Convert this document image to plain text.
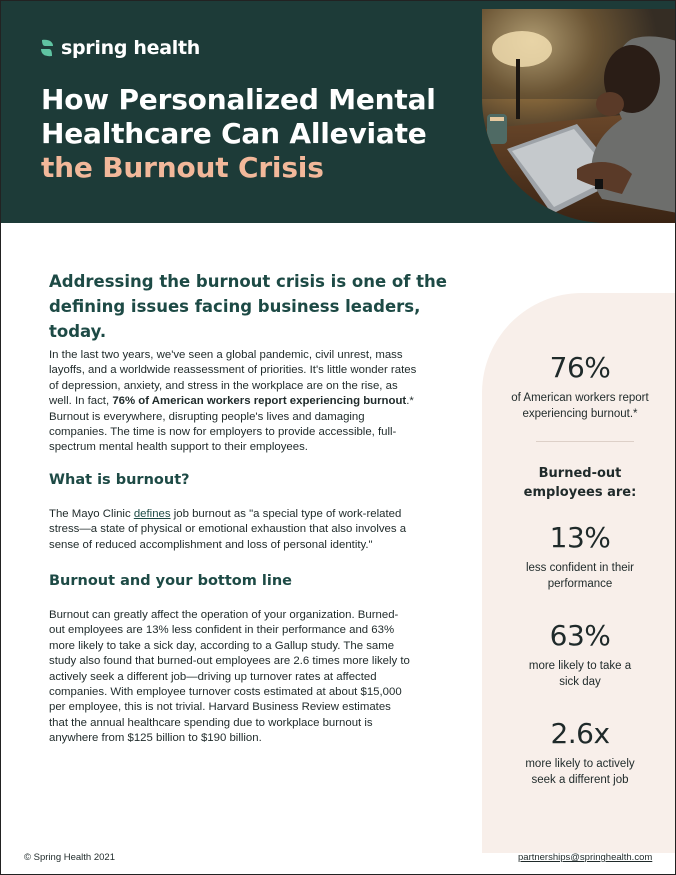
spring health
How Personalized Mental
Healthcare Can Alleviate
the Burnout Crisis
Addressing the burnout crisis is one of the
defining issues facing business leaders, today.

In the last two years, we've seen a global pandemic, civil unrest, mass layoffs, and a worldwide reassessment of priorities. It's little wonder rates of depression, anxiety, and stress in the workplace are on the rise, as well. In fact, 76% of American workers report experiencing burnout.* Burnout is everywhere, disrupting people's lives and damaging companies. The time is now for employers to provide accessible, full-spectrum mental health support to their employees.

What is burnout?

The Mayo Clinic defines job burnout as "a special type of work-related stress—a state of physical or emotional exhaustion that also involves a sense of reduced accomplishment and loss of personal identity."

Burnout and your bottom line

Burnout can greatly affect the operation of your organization. Burned-out employees are 13% less confident in their performance and 63% more likely to take a sick day, according to a Gallup study. The same study also found that burned-out employees are 2.6 times more likely to actively seek a different job—driving up turnover rates at affected companies. With employee turnover costs estimated at about $15,000 per employee, this is not trivial. Harvard Business Review estimates that the annual healthcare spending due to workplace burnout is anywhere from $125 billion to $190 billion.

76%
of American workers report experiencing burnout.*
Burned-out
employees are:
13%
less confident in their performance
63%
more likely to take a sick day
2.6x
more likely to actively seek a different job
© Spring Health 2021	partnerships@springhealth.com
